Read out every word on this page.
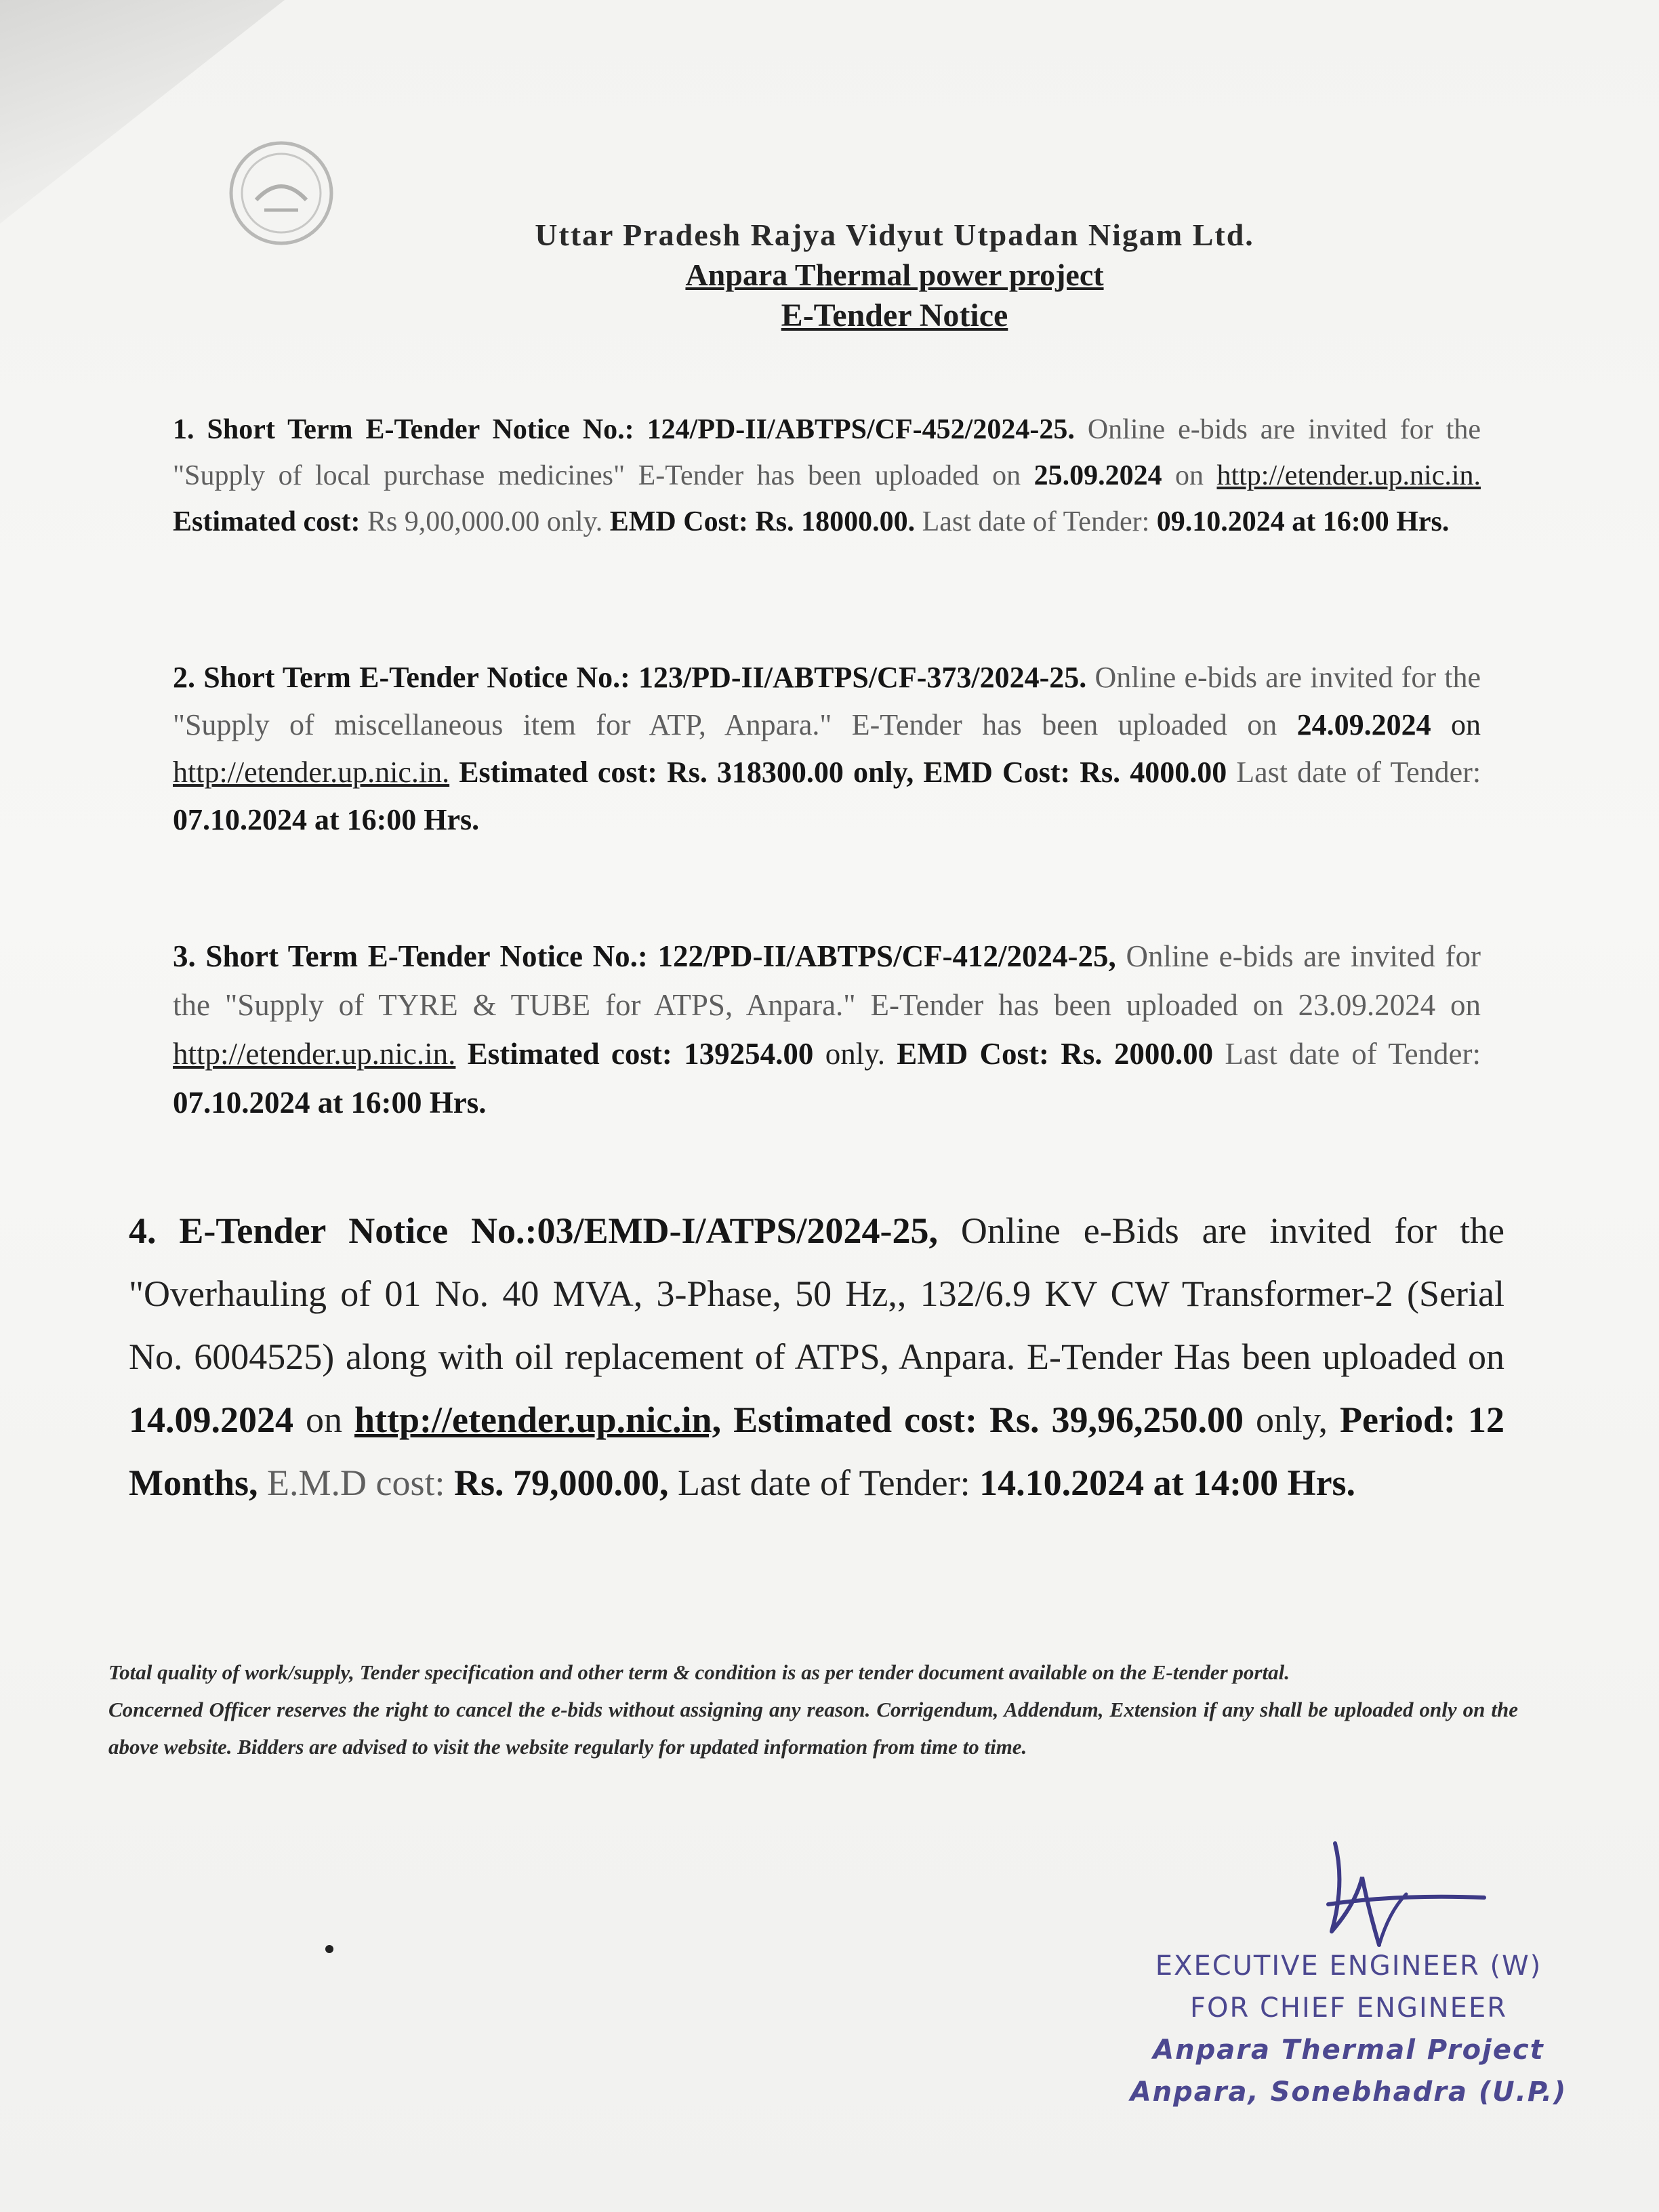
Uttar Pradesh Rajya Vidyut Utpadan Nigam Ltd.
Anpara Thermal power project
E-Tender Notice

1. Short Term E-Tender Notice No.: 124/PD-II/ABTPS/CF-452/2024-25. Online e-bids are invited for the "Supply of local purchase medicines" E-Tender has been uploaded on 25.09.2024 on http://etender.up.nic.in. Estimated cost: Rs 9,00,000.00 only. EMD Cost: Rs. 18000.00. Last date of Tender: 09.10.2024 at 16:00 Hrs.

2. Short Term E-Tender Notice No.: 123/PD-II/ABTPS/CF-373/2024-25. Online e-bids are invited for the "Supply of miscellaneous item for ATP, Anpara." E-Tender has been uploaded on 24.09.2024 on http://etender.up.nic.in. Estimated cost: Rs. 318300.00 only, EMD Cost: Rs. 4000.00 Last date of Tender: 07.10.2024 at 16:00 Hrs.

3. Short Term E-Tender Notice No.: 122/PD-II/ABTPS/CF-412/2024-25, Online e-bids are invited for the "Supply of TYRE & TUBE for ATPS, Anpara." E-Tender has been uploaded on 23.09.2024 on http://etender.up.nic.in. Estimated cost: 139254.00 only. EMD Cost: Rs. 2000.00 Last date of Tender: 07.10.2024 at 16:00 Hrs.

4. E-Tender Notice No.:03/EMD-I/ATPS/2024-25, Online e-Bids are invited for the "Overhauling of 01 No. 40 MVA, 3-Phase, 50 Hz,, 132/6.9 KV CW Transformer-2 (Serial No. 6004525) along with oil replacement of ATPS, Anpara. E-Tender Has been uploaded on 14.09.2024 on http://etender.up.nic.in, Estimated cost: Rs. 39,96,250.00 only, Period: 12 Months, E.M.D cost: Rs. 79,000.00, Last date of Tender: 14.10.2024 at 14:00 Hrs.

Total quality of work/supply, Tender specification and other term & condition is as per tender document available on the E-tender portal.

Concerned Officer reserves the right to cancel the e-bids without assigning any reason. Corrigendum, Addendum, Extension if any shall be uploaded only on the above website. Bidders are advised to visit the website regularly for updated information from time to time.

EXECUTIVE ENGINEER (W)
FOR CHIEF ENGINEER
Anpara Thermal Project
Anpara, Sonebhadra (U.P.)
